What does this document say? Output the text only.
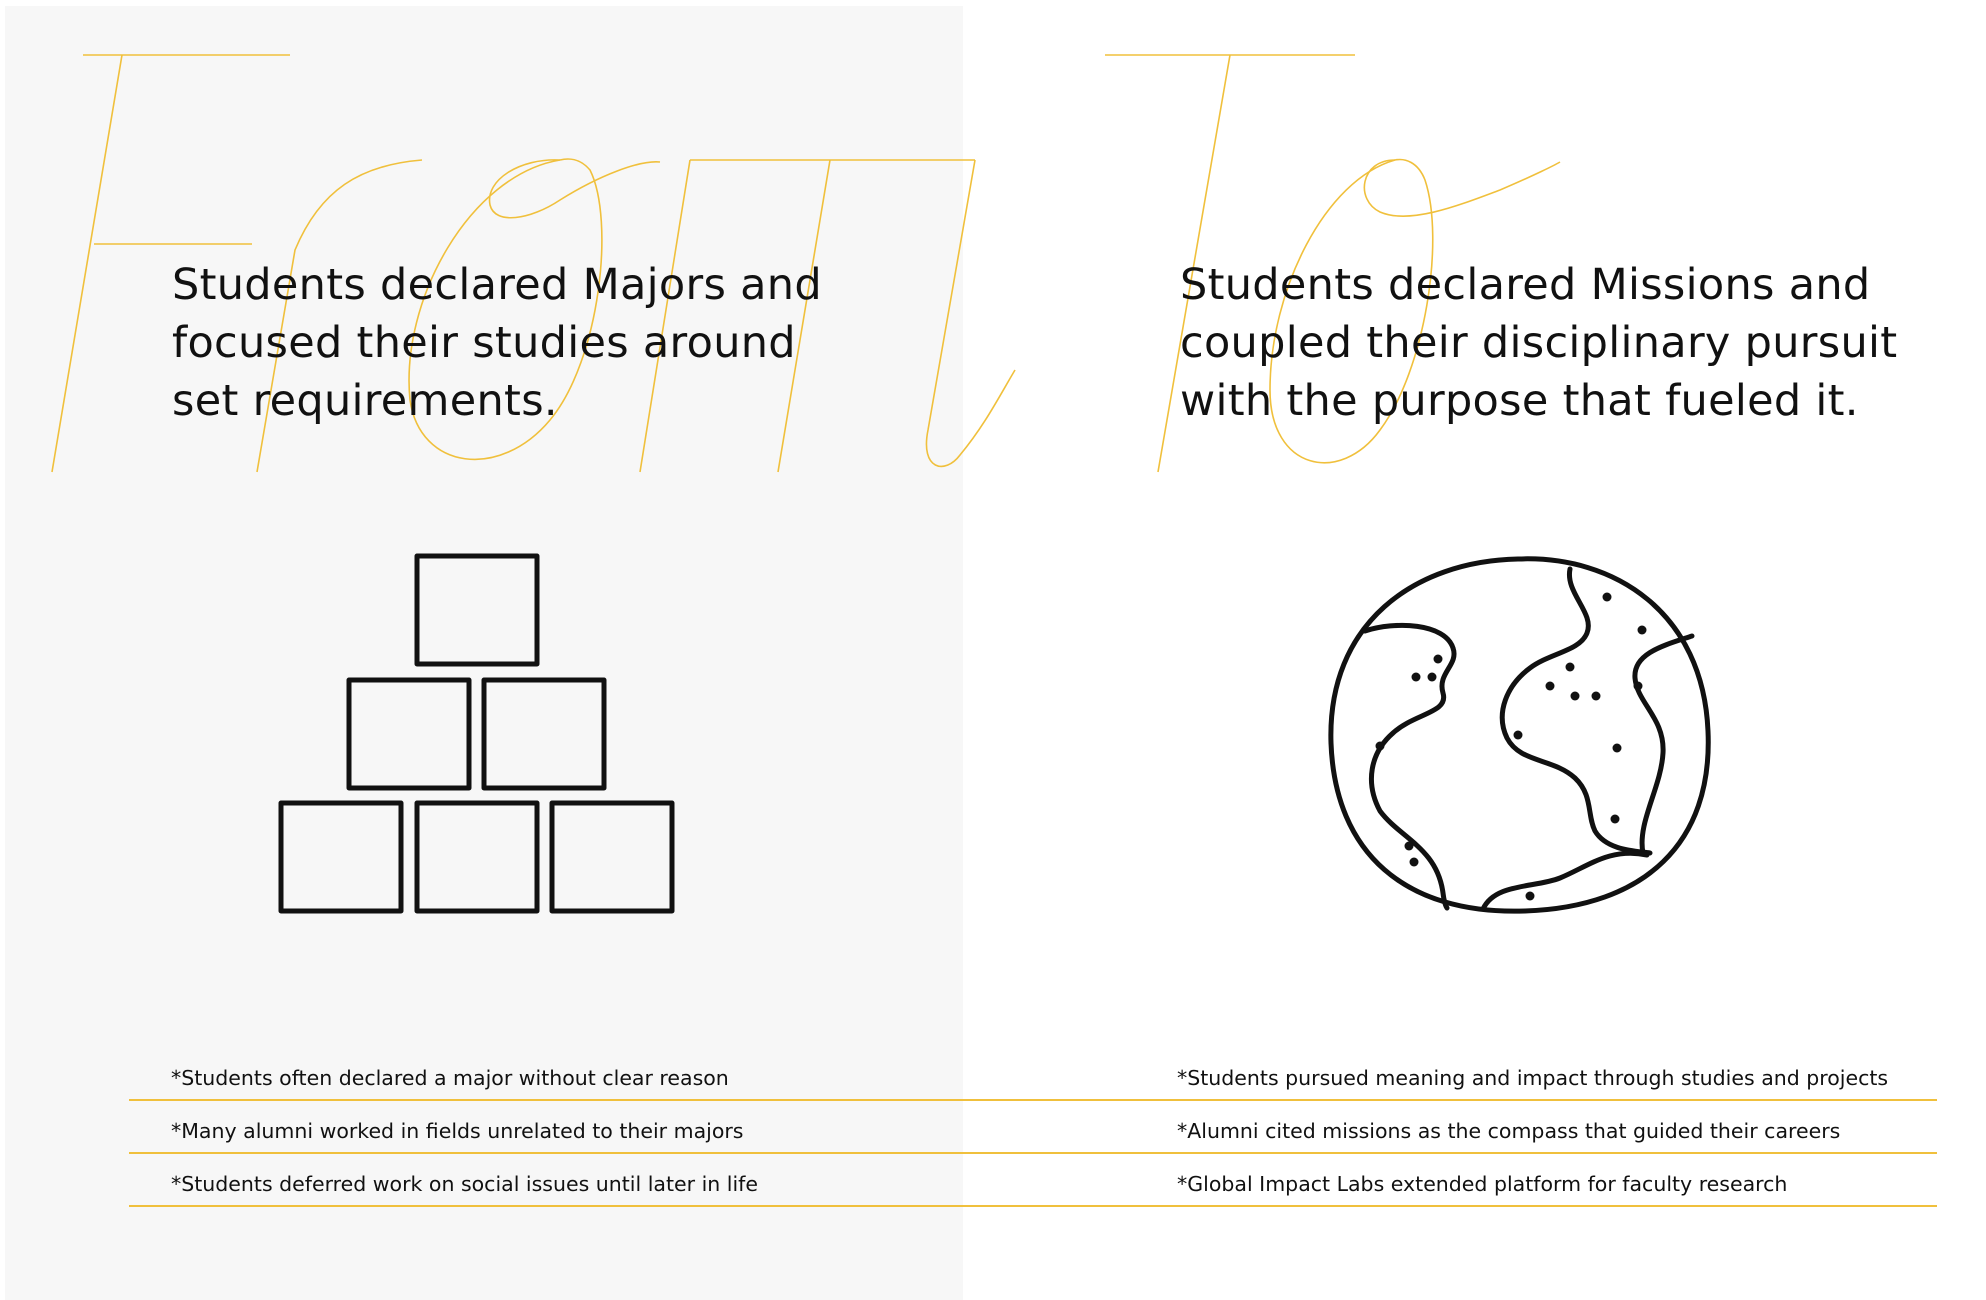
Students declared Majors and
focused their studies around
set requirements.
Students declared Missions and
coupled their disciplinary pursuit
with the purpose that fueled it.
*Students often declared a major without clear reason	*Students pursued meaning and impact through studies and projects
*Many alumni worked in fields unrelated to their majors	*Alumni cited missions as the compass that guided their careers
*Students deferred work on social issues until later in life	*Global Impact Labs extended platform for faculty research
